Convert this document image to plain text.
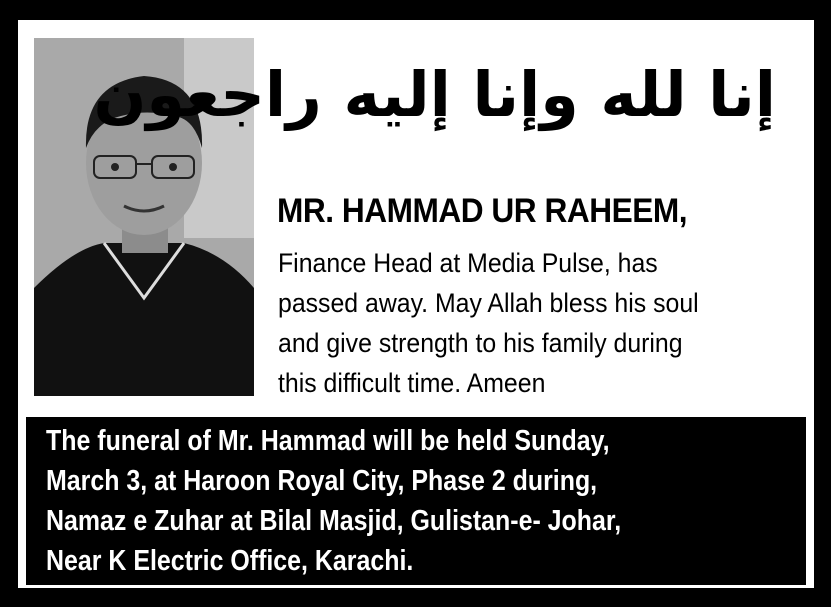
إنا لله وإنا إليه راجعون
MR. HAMMAD UR RAHEEM,
Finance Head at Media Pulse, has
passed away. May Allah bless his soul
and give strength to his family during
this difficult time. Ameen
The funeral of Mr. Hammad will be held Sunday,
March 3, at Haroon Royal City, Phase 2 during,
Namaz e Zuhar at Bilal Masjid, Gulistan-e- Johar,
Near K Electric Office, Karachi.
